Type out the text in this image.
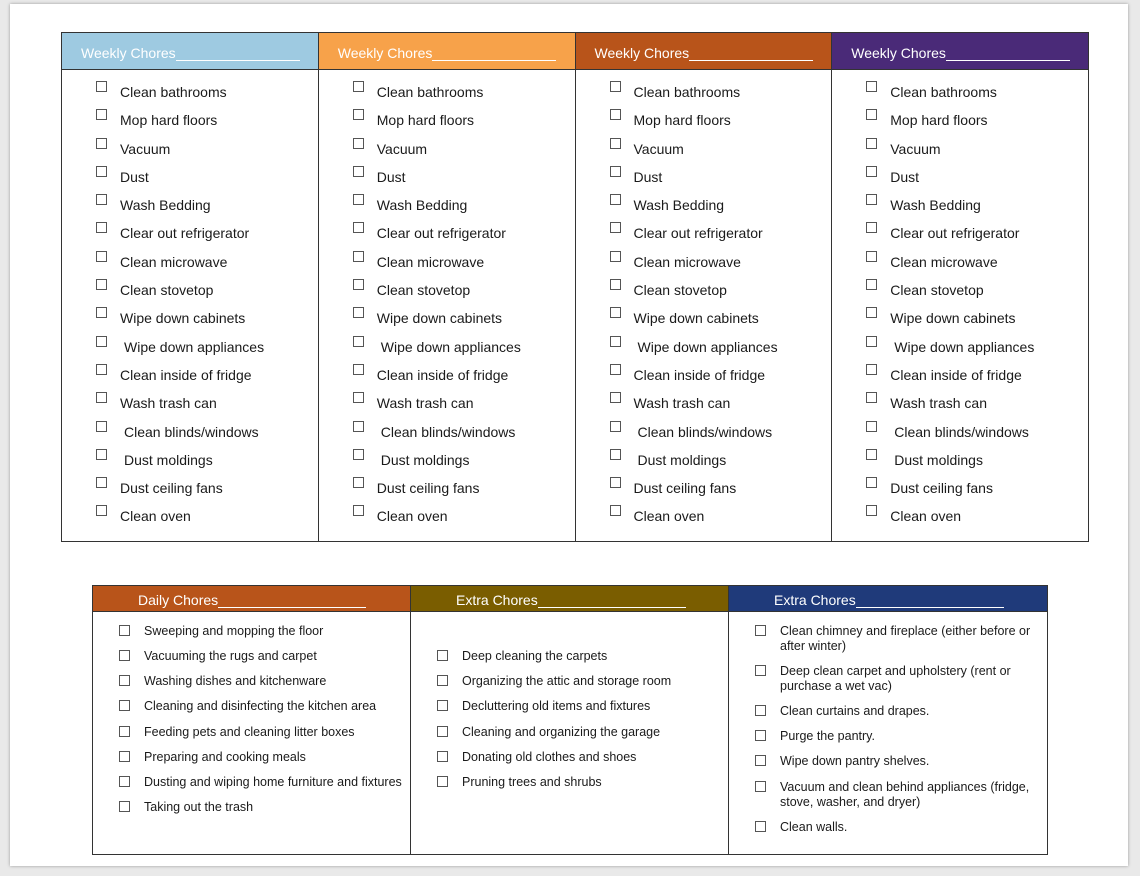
Weekly Chores
Clean bathrooms
Mop hard floors
Vacuum
Dust
Wash Bedding
Clear out refrigerator
Clean microwave
Clean stovetop
Wipe down cabinets
Wipe down appliances
Clean inside of fridge
Wash trash can
Clean blinds/windows
Dust moldings
Dust ceiling fans
Clean oven
Weekly Chores
Clean bathrooms
Mop hard floors
Vacuum
Dust
Wash Bedding
Clear out refrigerator
Clean microwave
Clean stovetop
Wipe down cabinets
Wipe down appliances
Clean inside of fridge
Wash trash can
Clean blinds/windows
Dust moldings
Dust ceiling fans
Clean oven
Weekly Chores
Clean bathrooms
Mop hard floors
Vacuum
Dust
Wash Bedding
Clear out refrigerator
Clean microwave
Clean stovetop
Wipe down cabinets
Wipe down appliances
Clean inside of fridge
Wash trash can
Clean blinds/windows
Dust moldings
Dust ceiling fans
Clean oven
Weekly Chores
Clean bathrooms
Mop hard floors
Vacuum
Dust
Wash Bedding
Clear out refrigerator
Clean microwave
Clean stovetop
Wipe down cabinets
Wipe down appliances
Clean inside of fridge
Wash trash can
Clean blinds/windows
Dust moldings
Dust ceiling fans
Clean oven
Daily Chores
Sweeping and mopping the floor
Vacuuming the rugs and carpet
Washing dishes and kitchenware
Cleaning and disinfecting the kitchen area
Feeding pets and cleaning litter boxes
Preparing and cooking meals
Dusting and wiping home furniture and fixtures
Taking out the trash
Extra Chores
Deep cleaning the carpets
Organizing the attic and storage room
Decluttering old items and fixtures
Cleaning and organizing the garage
Donating old clothes and shoes
Pruning trees and shrubs
Extra Chores
Clean chimney and fireplace (either before or after winter)
Deep clean carpet and upholstery (rent or purchase a wet vac)
Clean curtains and drapes.
Purge the pantry.
Wipe down pantry shelves.
Vacuum and clean behind appliances (fridge, stove, washer, and dryer)
Clean walls.
